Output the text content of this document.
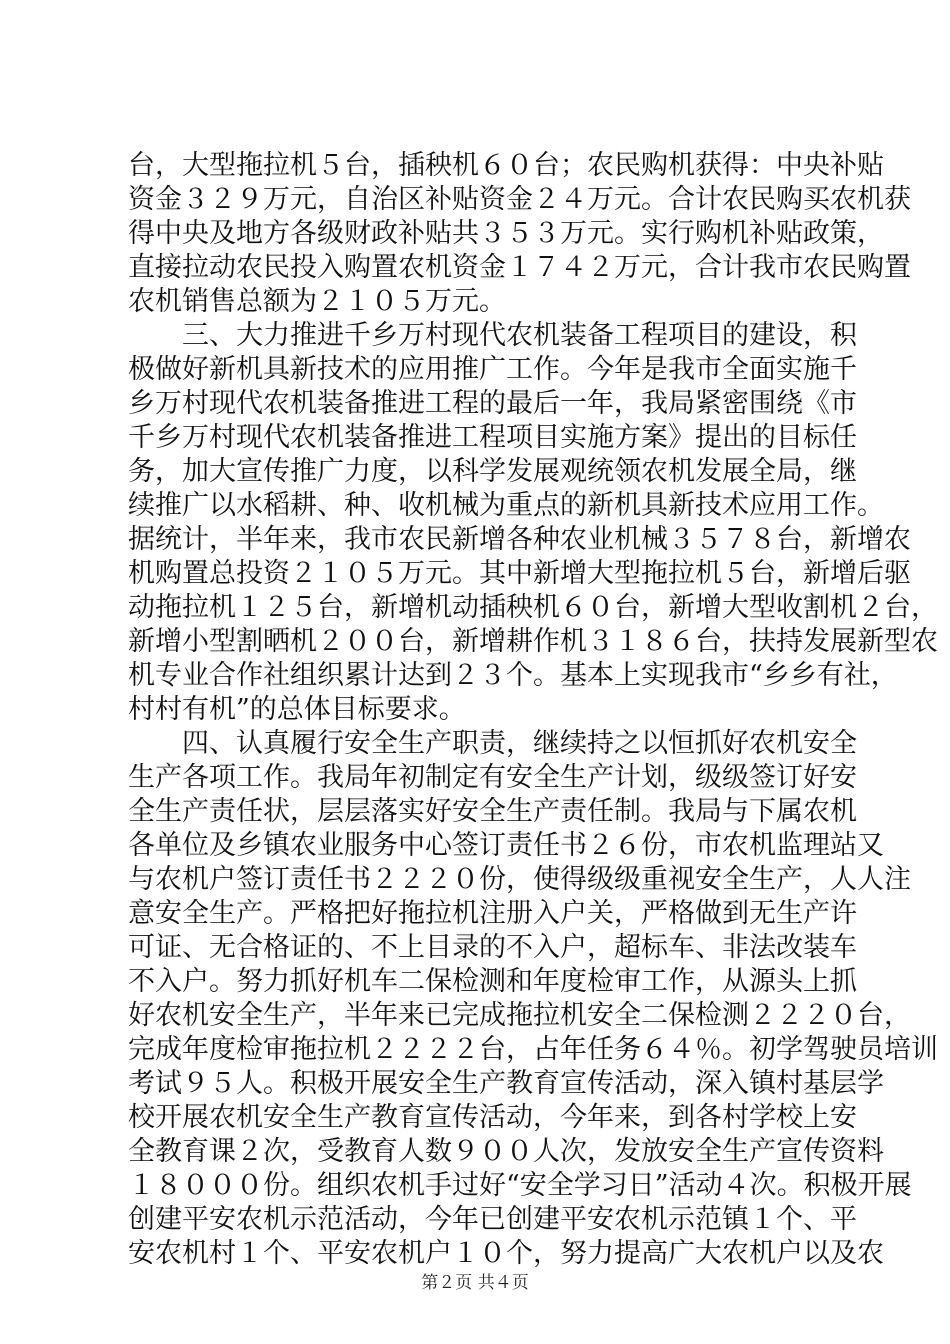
台，大型拖拉机５台，插秧机６０台；农民购机获得：中央补贴
资金３２９万元，自治区补贴资金２４万元。合计农民购买农机获
得中央及地方各级财政补贴共３５３万元。实行购机补贴政策，
直接拉动农民投入购置农机资金１７４２万元，合计我市农民购置
农机销售总额为２１０５万元。
　　三、大力推进千乡万村现代农机装备工程项目的建设，积
极做好新机具新技术的应用推广工作。今年是我市全面实施千
乡万村现代农机装备推进工程的最后一年，我局紧密围绕《市
千乡万村现代农机装备推进工程项目实施方案》提出的目标任
务，加大宣传推广力度，以科学发展观统领农机发展全局，继
续推广以水稻耕、种、收机械为重点的新机具新技术应用工作。
据统计，半年来，我市农民新增各种农业机械３５７８台，新增农
机购置总投资２１０５万元。其中新增大型拖拉机５台，新增后驱
动拖拉机１２５台，新增机动插秧机６０台，新增大型收割机２台，
新增小型割晒机２００台，新增耕作机３１８６台，扶持发展新型农
机专业合作社组织累计达到２３个。基本上实现我市“乡乡有社，
村村有机”的总体目标要求。
　　四、认真履行安全生产职责，继续持之以恒抓好农机安全
生产各项工作。我局年初制定有安全生产计划，级级签订好安
全生产责任状，层层落实好安全生产责任制。我局与下属农机
各单位及乡镇农业服务中心签订责任书２６份，市农机监理站又
与农机户签订责任书２２２０份，使得级级重视安全生产，人人注
意安全生产。严格把好拖拉机注册入户关，严格做到无生产许
可证、无合格证的、不上目录的不入户，超标车、非法改装车
不入户。努力抓好机车二保检测和年度检审工作，从源头上抓
好农机安全生产，半年来已完成拖拉机安全二保检测２２２０台，
完成年度检审拖拉机２２２２台，占年任务６４％。初学驾驶员培训
考试９５人。积极开展安全生产教育宣传活动，深入镇村基层学
校开展农机安全生产教育宣传活动，今年来，到各村学校上安
全教育课２次，受教育人数９００人次，发放安全生产宣传资料
１８０００份。组织农机手过好“安全学习日”活动４次。积极开展
创建平安农机示范活动，今年已创建平安农机示范镇１个、平
安农机村１个、平安农机户１０个，努力提高广大农机户以及农
第２页 共４页
